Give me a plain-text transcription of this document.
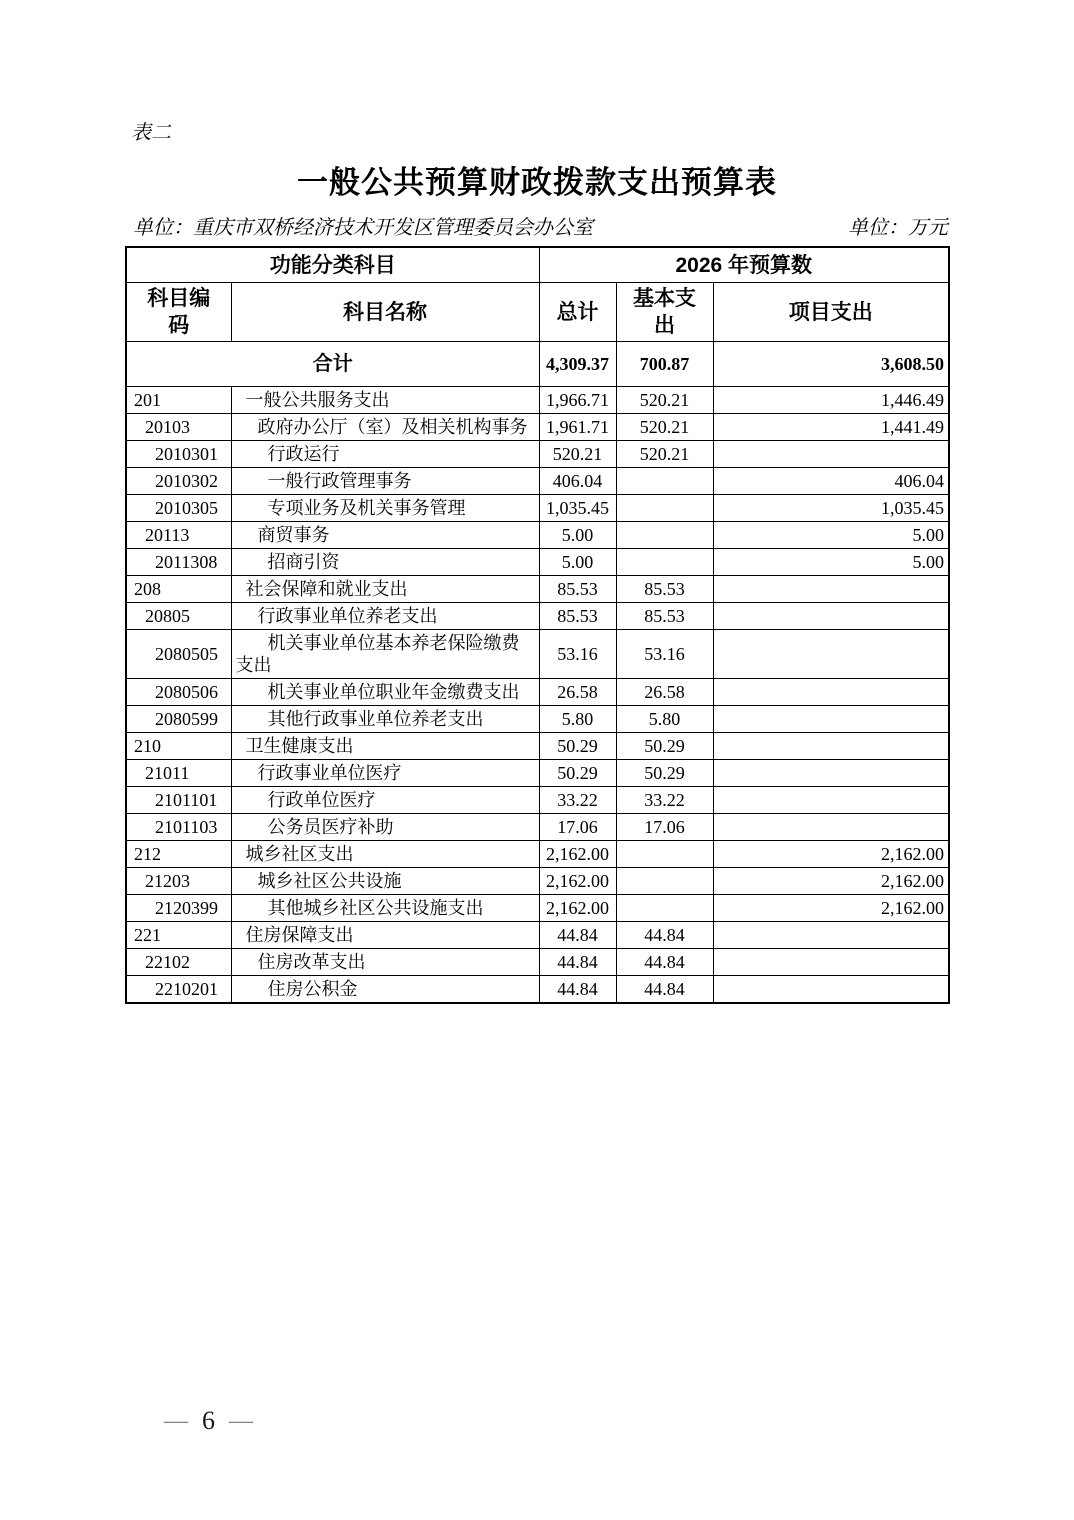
表二
一般公共预算财政拨款支出预算表
单位：重庆市双桥经济技术开发区管理委员会办公室	单位：万元
功能分类科目		2026 年预算数		
科目编码	科目名称	总计	基本支出	项目支出
合计		4,309.37	700.87	3,608.50
201	一般公共服务支出	1,966.71	520.21	1,446.49
20103	政府办公厅（室）及相关机构事务	1,961.71	520.21	1,441.49
2010301	行政运行	520.21	520.21	
2010302	一般行政管理事务	406.04		406.04
2010305	专项业务及机关事务管理	1,035.45		1,035.45
20113	商贸事务	5.00		5.00
2011308	招商引资	5.00		5.00
208	社会保障和就业支出	85.53	85.53	
20805	行政事业单位养老支出	85.53	85.53	
2080505	机关事业单位基本养老保险缴费支出	53.16	53.16	
2080506	机关事业单位职业年金缴费支出	26.58	26.58	
2080599	其他行政事业单位养老支出	5.80	5.80	
210	卫生健康支出	50.29	50.29	
21011	行政事业单位医疗	50.29	50.29	
2101101	行政单位医疗	33.22	33.22	
2101103	公务员医疗补助	17.06	17.06	
212	城乡社区支出	2,162.00		2,162.00
21203	城乡社区公共设施	2,162.00		2,162.00
2120399	其他城乡社区公共设施支出	2,162.00		2,162.00
221	住房保障支出	44.84	44.84	
22102	住房改革支出	44.84	44.84	
2210201	住房公积金	44.84	44.84	
— 6 —
